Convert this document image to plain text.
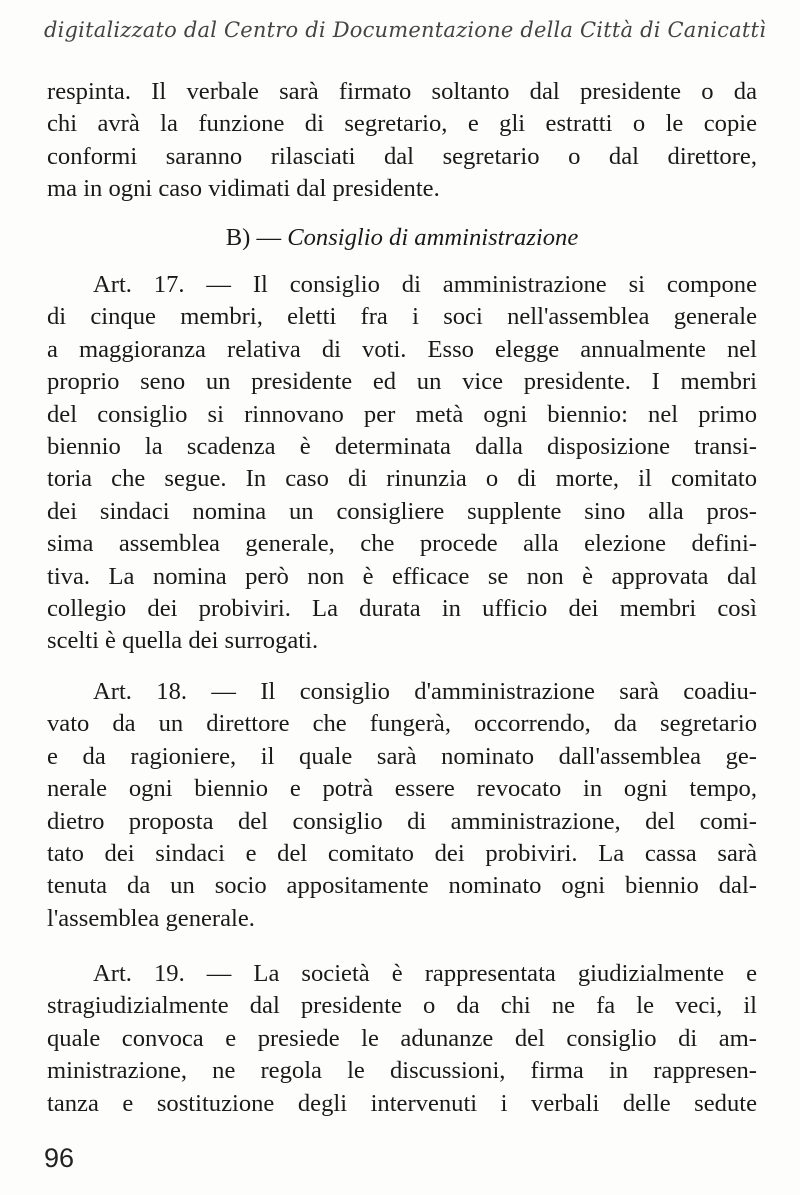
digitalizzato dal Centro di Documentazione della Città di Canicattì
respinta. Il verbale sarà firmato soltanto dal presidente o da
chi avrà la funzione di segretario, e gli estratti o le copie
conformi saranno rilasciati dal segretario o dal direttore,
ma in ogni caso vidimati dal presidente.
B) — Consiglio di amministrazione
Art. 17. — Il consiglio di amministrazione si compone
di cinque membri, eletti fra i soci nell'assemblea generale
a maggioranza relativa di voti. Esso elegge annualmente nel
proprio seno un presidente ed un vice presidente. I membri
del consiglio si rinnovano per metà ogni biennio: nel primo
biennio la scadenza è determinata dalla disposizione transi-
toria che segue. In caso di rinunzia o di morte, il comitato
dei sindaci nomina un consigliere supplente sino alla pros-
sima assemblea generale, che procede alla elezione defini-
tiva. La nomina però non è efficace se non è approvata dal
collegio dei probiviri. La durata in ufficio dei membri così
scelti è quella dei surrogati.
Art. 18. — Il consiglio d'amministrazione sarà coadiu-
vato da un direttore che fungerà, occorrendo, da segretario
e da ragioniere, il quale sarà nominato dall'assemblea ge-
nerale ogni biennio e potrà essere revocato in ogni tempo,
dietro proposta del consiglio di amministrazione, del comi-
tato dei sindaci e del comitato dei probiviri. La cassa sarà
tenuta da un socio appositamente nominato ogni biennio dal-
l'assemblea generale.
Art. 19. — La società è rappresentata giudizialmente e
stragiudizialmente dal presidente o da chi ne fa le veci, il
quale convoca e presiede le adunanze del consiglio di am-
ministrazione, ne regola le discussioni, firma in rappresen-
tanza e sostituzione degli intervenuti i verbali delle sedute
96
